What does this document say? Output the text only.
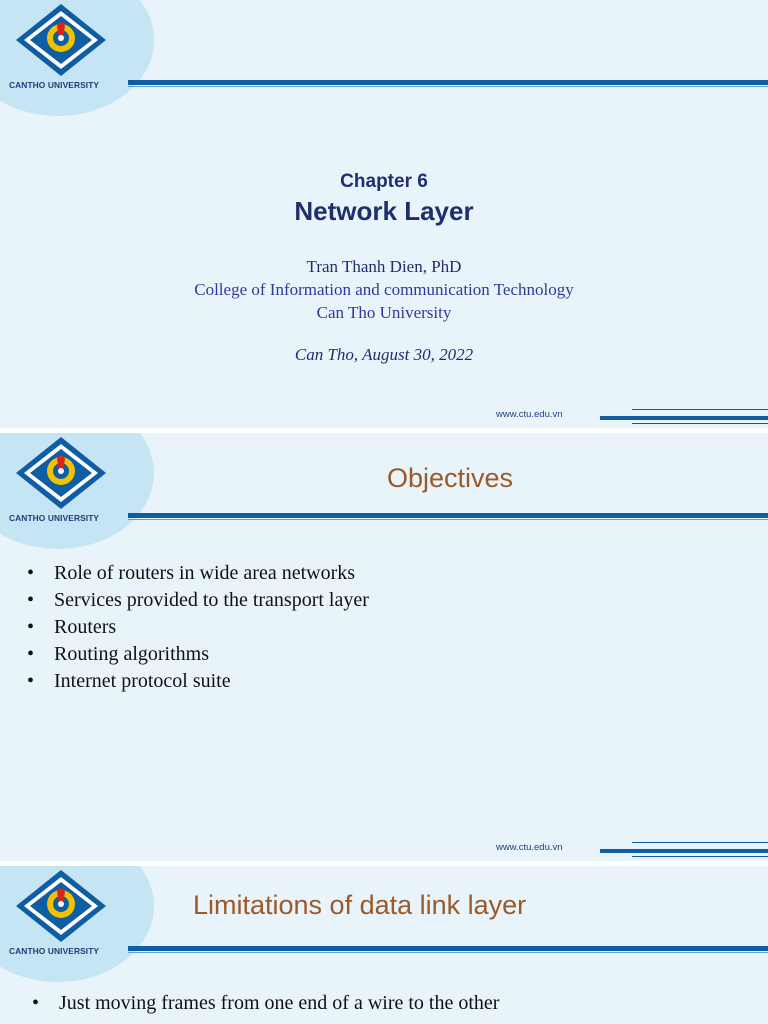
CANTHO UNIVERSITY
Chapter 6
Network Layer
Tran Thanh Dien, PhD
College of Information and communication Technology
Can Tho University
Can Tho, August 30, 2022
www.ctu.edu.vn
CANTHO UNIVERSITY
Objectives
• Role of routers in wide area networks
• Services provided to the transport layer
• Routers
• Routing algorithms
• Internet protocol suite
www.ctu.edu.vn
CANTHO UNIVERSITY
Limitations of data link layer
• Just moving frames from one end of a wire to the other
